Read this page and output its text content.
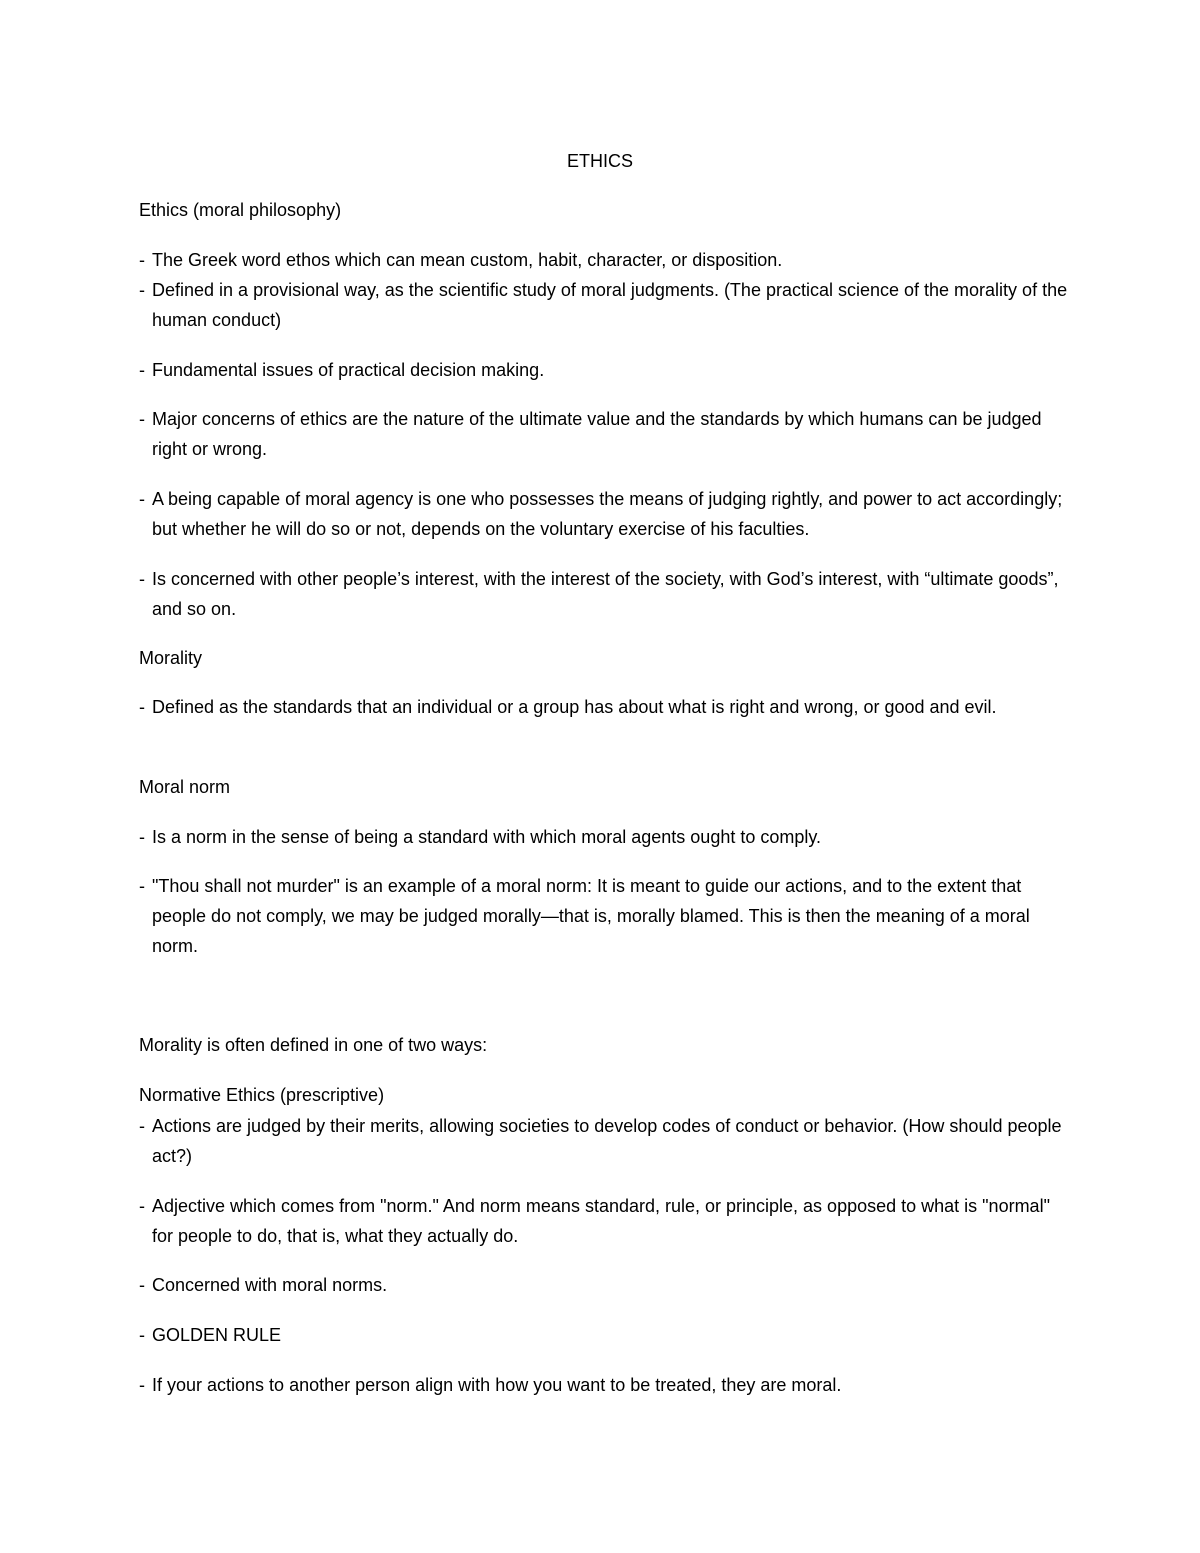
ETHICS
Ethics (moral philosophy)
- The Greek word ethos which can mean custom, habit, character, or disposition.
- Defined in a provisional way, as the scientific study of moral judgments. (The practical science of the morality of the human conduct)
- Fundamental issues of practical decision making.
- Major concerns of ethics are the nature of the ultimate value and the standards by which humans can be judged right or wrong.
- A being capable of moral agency is one who possesses the means of judging rightly, and power to act accordingly; but whether he will do so or not, depends on the voluntary exercise of his faculties.
- Is concerned with other people’s interest, with the interest of the society, with God’s interest, with “ultimate goods”, and so on.
Morality
- Defined as the standards that an individual or a group has about what is right and wrong, or good and evil.
Moral norm
- Is a norm in the sense of being a standard with which moral agents ought to comply.
- "Thou shall not murder" is an example of a moral norm: It is meant to guide our actions, and to the extent that people do not comply, we may be judged morally—that is, morally blamed. This is then the meaning of a moral norm.
Morality is often defined in one of two ways:
Normative Ethics (prescriptive)
- Actions are judged by their merits, allowing societies to develop codes of conduct or behavior. (How should people act?)
- Adjective which comes from "norm." And norm means standard, rule, or principle, as opposed to what is "normal" for people to do, that is, what they actually do.
- Concerned with moral norms.
- GOLDEN RULE
- If your actions to another person align with how you want to be treated, they are moral.
